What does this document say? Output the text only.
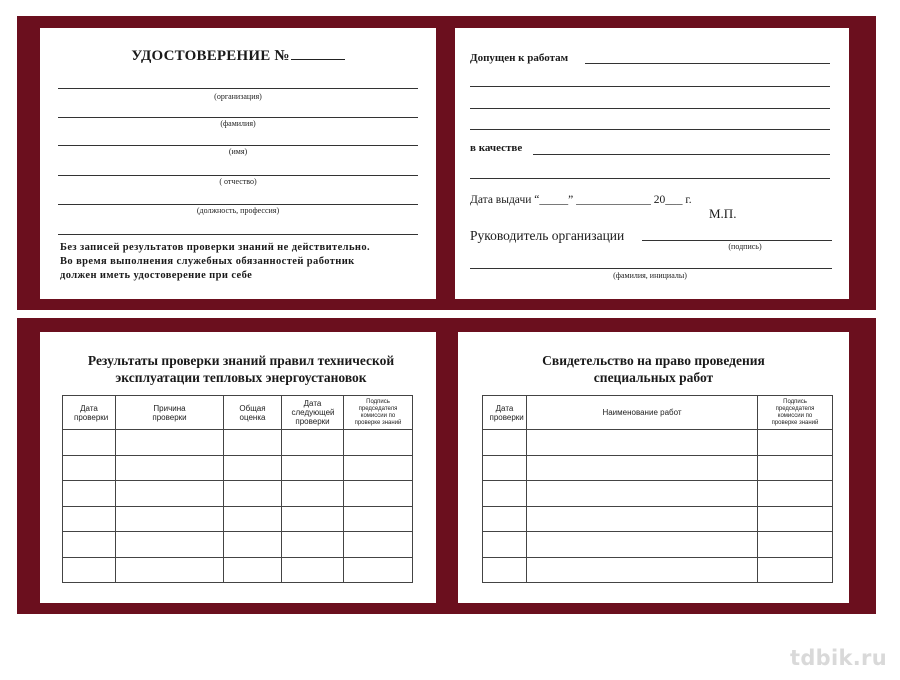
УДОСТОВЕРЕНИЕ №
(организация)
(фамилия)
(имя)
( отчество)
(должность, профессия)
Без записей результатов проверки знаний не действительно.
Во время выполнения служебных обязанностей работник
должен иметь удостоверение при себе
Допущен к работам
в качестве
Дата выдачи “_____” _____________ 20___ г.
М.П.
Руководитель организации
(подпись)
(фамилия, инициалы)
Результаты проверки знаний правил технической
эксплуатации тепловых энергоустановок
Дата проверки	Причина проверки	Общая оценка	Дата следующей проверки	Подпись председателя комиссии по проверке знаний

Свидетельство на право проведения
специальных работ
Дата проверки	Наименование работ	Подпись председателя комиссии по проверке знаний

tdbik.ru
